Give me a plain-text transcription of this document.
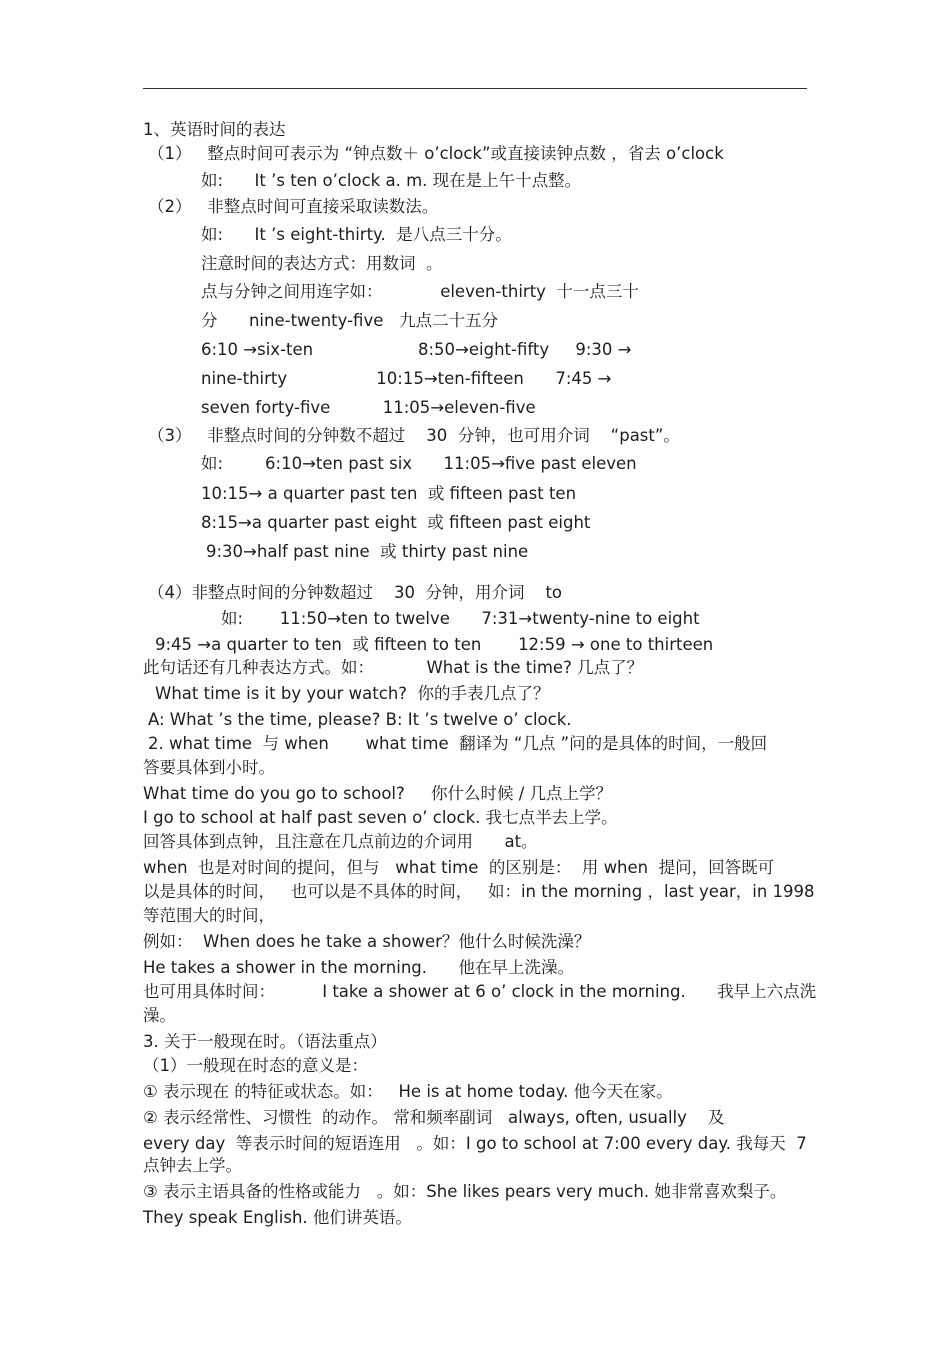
1、英语时间的表达
（1）   整点时间可表示为 “钟点数＋ o’clock”或直接读钟点数 ，省去 o’clock
如:      It ’s ten o’clock a. m. 现在是上午十点整。
（2）   非整点时间可直接采取读数法。
如:      It ’s eight-thirty.  是八点三十分。
注意时间的表达方式：用数词  。
点与分钟之间用连字如：           eleven-thirty  十一点三十
分      nine-twenty-five   九点二十五分
6:10 →six-ten                    8:50→eight-fifty     9:30 →
nine-thirty                 10:15→ten-fifteen      7:45 →
seven forty-five          11:05→eleven-five
（3）   非整点时间的分钟数不超过    30  分钟，也可用介词    “past”。
如:        6:10→ten past six      11:05→five past eleven
10:15→ a quarter past ten  或 fifteen past ten
8:15→a quarter past eight  或 fifteen past eight
9:30→half past nine  或 thirty past nine
（4）非整点时间的分钟数超过    30  分钟，用介词    to
如:       11:50→ten to twelve      7:31→twenty-nine to eight
9:45 →a quarter to ten  或 fifteen to ten       12:59 → one to thirteen
此句话还有几种表达方式。如：          What is the time? 几点了？
What time is it by your watch?  你的手表几点了？
A: What ’s the time, please? B: It ’s twelve o’ clock.
2. what time  与 when       what time  翻译为 “几点 ”问的是具体的时间，一般回
答要具体到小时。
What time do you go to school?     你什么时候 / 几点上学？
I go to school at half past seven o’ clock. 我七点半去上学。
回答具体到点钟，且注意在几点前边的介词用      at。
when  也是对时间的提问，但与   what time  的区别是：  用 when  提问，回答既可
以是具体的时间，   也可以是不具体的时间，   如：in the morning ，last year，in 1998
等范围大的时间，
例如：  When does he take a shower？他什么时候洗澡？
He takes a shower in the morning.      他在早上洗澡。
也可用具体时间：         I take a shower at 6 o’ clock in the morning.      我早上六点洗
澡。
3. 关于一般现在时。（语法重点）
（1）一般现在时态的意义是：
① 表示现在 的特征或状态。如：   He is at home today. 他今天在家。
② 表示经常性、习惯性  的动作。 常和频率副词   always, often, usually    及
every day  等表示时间的短语连用   。如：I go to school at 7:00 every day. 我每天  7
点钟去上学。
③ 表示主语具备的性格或能力   。如：She likes pears very much. 她非常喜欢梨子。
They speak English. 他们讲英语。
